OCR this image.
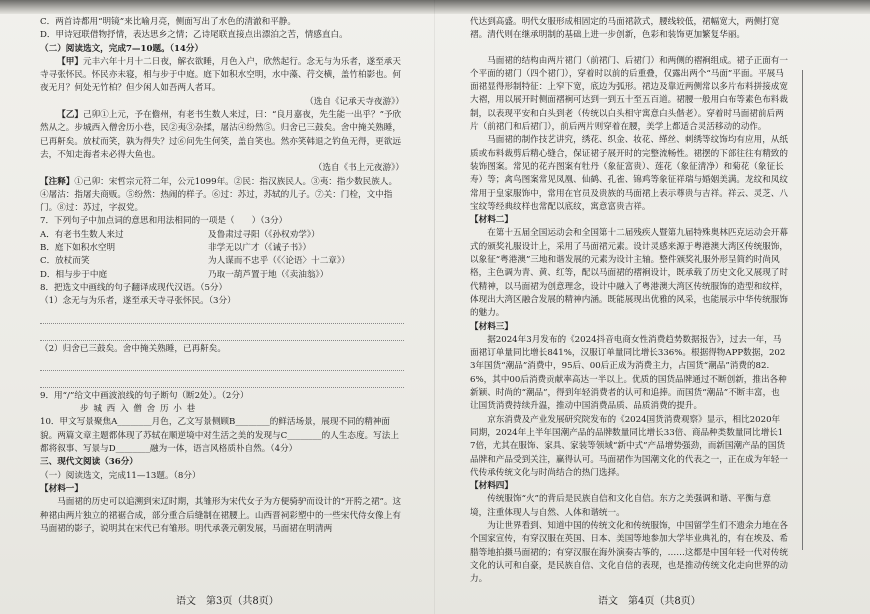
C．两首诗都用“明镜”来比喻月亮，侧面写出了水色的清澈和平静。

D．甲诗冠联借物抒情，表达思乡之情；乙诗尾联直接点出漂泊之苦，情感直白。

（二）阅读选文，完成7—10题。（14分）

【甲】元丰六年十月十二日夜，解衣欲睡，月色入户，欣然起行。念无与为乐者，遂至承天寺寻张怀民。怀民亦未寝，相与步于中庭。庭下如积水空明，水中藻、荇交横，盖竹柏影也。何夜无月？何处无竹柏？但少闲人如吾两人者耳。

（选自《记承天寺夜游》）

【乙】己卯①上元，予在儋州，有老书生数人来过，曰：“良月嘉夜，先生能一出乎？”予欣然从之。步城西入僧舍历小巷，民②夷③杂揉，屠沽④纷然⑤。归舍已三鼓矣。舍中掩关熟睡，已再鼾矣。放杖而笑，孰为得失？过⑥问先生何笑，盖自笑也。然亦笑韩退之钓鱼无得，更欲远去，不知走海者未必得大鱼也。

（选自《书上元夜游》）

【注释】①己卯：宋哲宗元符二年，公元1099年。②民：指汉族民人。③夷：指少数民族人。④屠沽：指屠夫商贩。⑤纷然：热闹的样子。⑥过：苏过，苏轼的儿子。⑦关：门栓，文中指门。⑧过：苏过，字叔党。

7．下列句子中加点词的意思和用法相同的一项是（　　）（3分）

A．有老书生数人来过	及鲁肃过寻阳（《孙权劝学》）
B．庭下如积水空明	非学无以广才（《诫子书》）
C．放杖而笑	为人谋而不忠乎（《〈论语〉十二章》）
D．相与步于中庭	乃取一葫芦置于地（《卖油翁》）

8．把选文中画线的句子翻译成现代汉语。（5分）

（1）念无与为乐者，遂至承天寺寻张怀民。（3分）

（2）归舍已三鼓矣。舍中掩关熟睡，已再鼾矣。

9．用“/”给文中画波浪线的句子断句（断2处）。（2分）

步 城 西 入 僧 舍 历 小 巷

10．甲文写景聚焦A________月色，乙文写景侧顾B________的鲜活场景，展现不同的精神面貌。两篇文章主题都体现了苏轼在顺逆境中对生活之美的发现与C________的人生态度。写法上都将叙事、写景与D________融为一体，语言风格质朴自然。（4分）

三、现代文阅读（36分）

（一）阅读选文，完成11—13题。（8分）

【材料一】

马面裙的历史可以追溯到宋辽时期，其雏形为宋代女子为方便骑驴而设计的“开胯之裙”。这种裙由两片独立的裙裾合成，部分重合后缝制在裙腰上。山西晋祠彩塑中的一些宋代侍女像上有马面裙的影子，说明其在宋代已有雏形。明代承袭元朝发展，马面裙在明清两

代达到高盛。明代女服形成相固定的马面裙款式，腰线较低，裙幅宽大，两侧打宽褶。清代则在继承明制的基础上进一步创新，色彩和装饰更加繁复华丽。

马面裙的结构由两片裙门（前裙门、后裙门）和两侧的褶裥组成。裙子正面有一个平面的裙门（四个裙门），穿着时以前的后重叠，仅露出两个“马面”平面。平展马面裙显得形制特征：上窄下宽，底边为弧形。裙边及靠近两侧常以多片布料拼接成宽大褶，用以展开时侧面褶裥可达到一到五十至五百道。裙腰一般用白布等素色布料裁制，以表现平安和白头到老（传统以白头相守寓意白头偕老）。穿着时马面裙前后两片（前裙门和后裙门），前后两片则穿着在腰，美学上都适合灵活移动的动作。

马面裙的制作技艺讲究，绣花、织金、妆花、缂丝、刺绣等纹饰均有应用，从纸质或布料裁剪后精心缝合，保证裙子展开时的完整流畅性。裙摆的下部往往有精致的装饰图案。常见的花卉图案有牡丹（象征富贵）、莲花（象征清净）和菊花（象征长寿）等；禽鸟图案常见凤凰、仙鹤、孔雀、锦鸡等象征祥瑞与婚姻美满。龙纹和凤纹常用于皇家服饰中，常用在官员及贵族的马面裙上表示尊贵与吉祥。祥云、灵芝、八宝纹等经典纹样也常配以底纹，寓意富贵吉祥。

【材料二】

在第十五届全国运动会和全国第十二届残疾人暨第九届特殊奥林匹克运动会开幕式的颁奖礼服设计上，采用了马面裙元素。设计灵感来源于粤港澳大湾区传统服饰，以象征“粤港澳”三地和谐发展的元素为设计主轴。整件颁奖礼服外形呈简约时尚风格，主色调为青、黄、红等，配以马面裙的褶裥设计，既承载了历史文化又展现了时代精神，以马面裙为创意理念，设计中融入了粤港澳大湾区传统服饰的造型和纹样，体现出大湾区融合发展的精神内涵。既能展现出优雅的风采，也能展示中华传统服饰的魅力。

【材料三】

据2024年3月发布的《2024抖音电商女性消费趋势数据报告》，过去一年，马面裙订单量同比增长841%，汉服订单量同比增长336%。根据得物APP数据，2023年国货“潮品”消费中，95后、00后正成为消费主力，占国货“潮品”消费的82.6%，其中00后消费贡献率高达一半以上。优质的国货品牌通过不断创新，推出各种新颖、时尚的“潮品”，得到年轻消费者的认可和追捧。而国货“潮品”不断丰富，也让国货消费持续升温，推动中国消费品质、品质消费的提升。

京东消费及产业发展研究院发布的《2024国货消费观察》显示，相比2020年同期，2024年上半年国潮产品的品牌数量同比增长33倍、商品种类数量同比增长17倍，尤其在服饰、家具、家装等领域“新中式”产品增势强劲，而新国潮产品的国货品牌和产品受到关注，赢得认可。马面裙作为国潮文化的代表之一，正在成为年轻一代传承传统文化与时尚结合的热门选择。

【材料四】

传统服饰“火”的背后是民族自信和文化自信。东方之美强调和谐、平衡与意境，注重体现人与自然、人体和谐统一。

为让世界看到、知道中国的传统文化和传统服饰，中国留学生们不遗余力地在各个国家宣传，有穿汉服在英国、日本、美国等地参加大学毕业典礼的，有在埃及、希腊等地拍摄马面裙的；有穿汉服在海外演奏古筝的，……这都是中国年轻一代对传统文化的认可和自豪，是民族自信、文化自信的表现，也是推动传统文化走向世界的动力。

语文　第3页（共8页）	语文　第4页（共8页）
